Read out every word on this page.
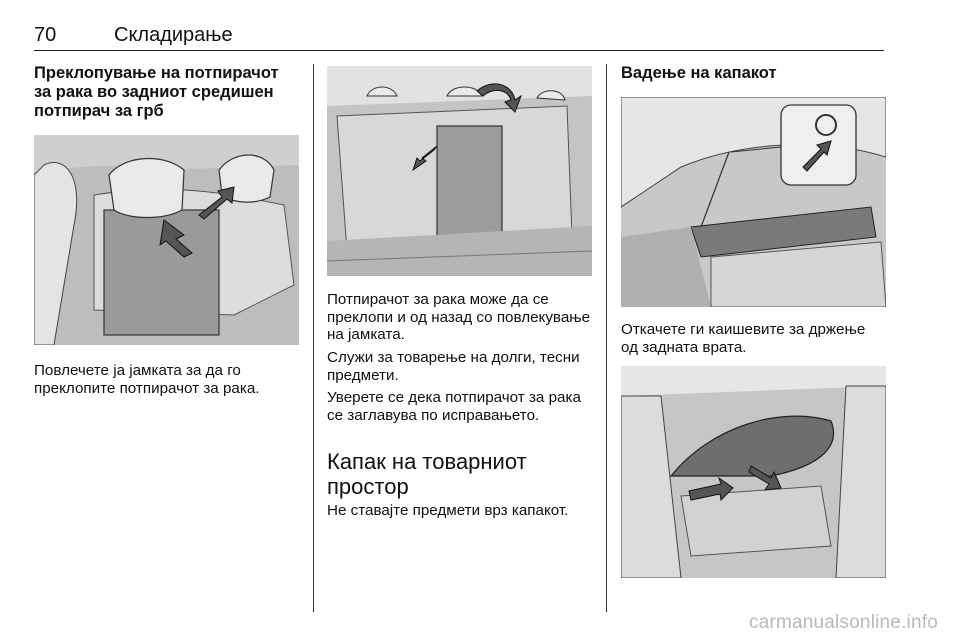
70	Складирање

Преклопување на потпирачот за рака во задниот средишен потпирач за грб

Повлечете ја јамката за да го преклопите потпирачот за рака.

Потпирачот за рака може да се преклопи и од назад со повлекување на јамката.

Служи за товарење на долги, тесни предмети.

Уверете се дека потпирачот за рака се заглавува по исправањето.

Капак на товарниот простор

Не ставајте предмети врз капакот.

Вадење на капакот

Откачете ги каишевите за држење од задната врата.

carmanualsonline.info
